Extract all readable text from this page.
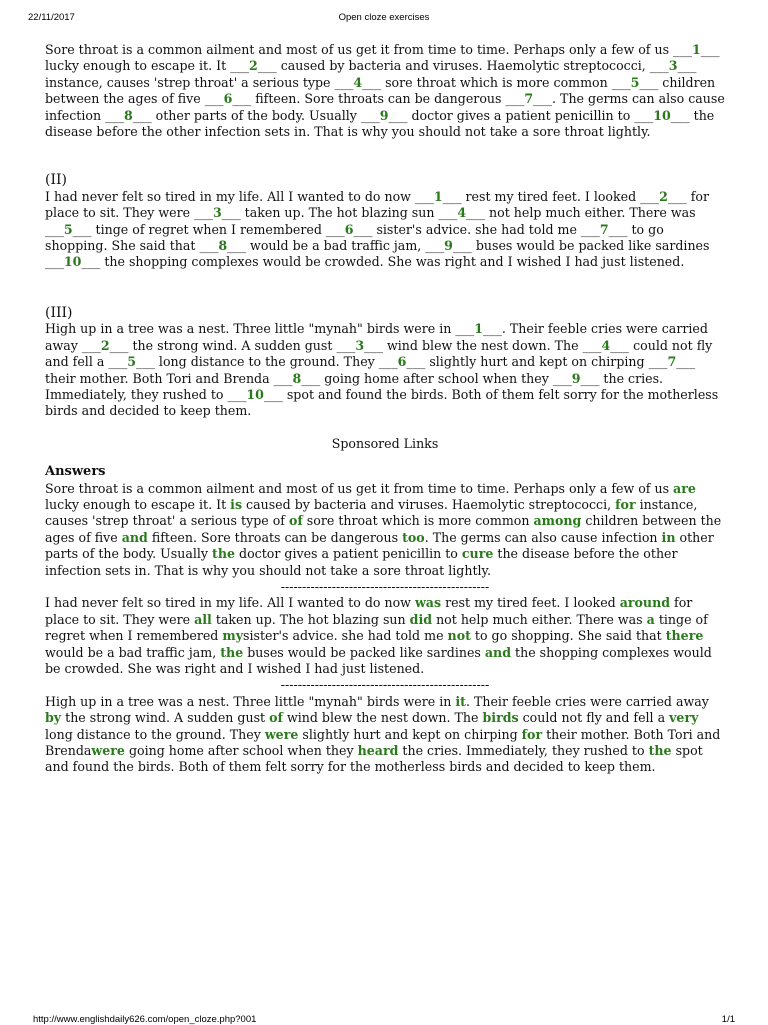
22/11/2017	Open cloze exercises

Sore throat is a common ailment and most of us get it from time to time. Perhaps only a few of us ___1___ lucky enough to escape it. It ___2___ caused by bacteria and viruses. Haemolytic streptococci, ___3___ instance, causes 'strep throat' a serious type ___4___ sore throat which is more common ___5___ children between the ages of five ___6___ fifteen. Sore throats can be dangerous ___7___. The germs can also cause infection ___8___ other parts of the body. Usually ___9___ doctor gives a patient penicillin to ___10___ the disease before the other infection sets in. That is why you should not take a sore throat lightly.

(II)

I had never felt so tired in my life. All I wanted to do now ___1___ rest my tired feet. I looked ___2___ for place to sit. They were ___3___ taken up. The hot blazing sun ___4___ not help much either. There was ___5___ tinge of regret when I remembered ___6___ sister's advice. she had told me ___7___ to go shopping. She said that ___8___ would be a bad traffic jam, ___9___ buses would be packed like sardines ___10___ the shopping complexes would be crowded. She was right and I wished I had just listened.

(III)

High up in a tree was a nest. Three little "mynah" birds were in ___1___. Their feeble cries were carried away ___2___ the strong wind. A sudden gust ___3___ wind blew the nest down. The ___4___ could not fly and fell a ___5___ long distance to the ground. They ___6___ slightly hurt and kept on chirping ___7___ their mother. Both Tori and Brenda ___8___ going home after school when they ___9___ the cries. Immediately, they rushed to ___10___ spot and found the birds. Both of them felt sorry for the motherless birds and decided to keep them.

Sponsored Links

Answers

Sore throat is a common ailment and most of us get it from time to time. Perhaps only a few of us are lucky enough to escape it. It is caused by bacteria and viruses. Haemolytic streptococci, for instance, causes 'strep throat' a serious type of of sore throat which is more common among children between the ages of five and fifteen. Sore throats can be dangerous too. The germs can also cause infection in other parts of the body. Usually the doctor gives a patient penicillin to cure the disease before the other infection sets in. That is why you should not take a sore throat lightly.

-------------------------------------------------

I had never felt so tired in my life. All I wanted to do now was rest my tired feet. I looked around for place to sit. They were all taken up. The hot blazing sun did not help much either. There was a tinge of regret when I remembered mysister's advice. she had told me not to go shopping. She said that there would be a bad traffic jam, the buses would be packed like sardines and the shopping complexes would be crowded. She was right and I wished I had just listened.

-------------------------------------------------

High up in a tree was a nest. Three little "mynah" birds were in it. Their feeble cries were carried away by the strong wind. A sudden gust of wind blew the nest down. The birds could not fly and fell a very long distance to the ground. They were slightly hurt and kept on chirping for their mother. Both Tori and Brendawere going home after school when they heard the cries. Immediately, they rushed to the spot and found the birds. Both of them felt sorry for the motherless birds and decided to keep them.

http://www.englishdaily626.com/open_cloze.php?001	1/1
